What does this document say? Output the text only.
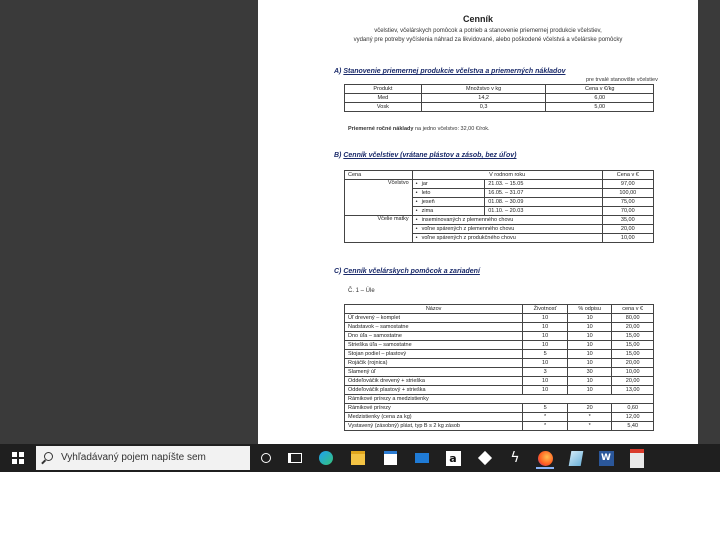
Cenník
včelstiev, včelárskych pomôcok a potrieb a stanovenie priemernej produkcie včelstiev,
vydaný pre potreby vyčíslenia náhrad za likvidované, alebo poškodené včelstvá a včelárske pomôcky
A) Stanovenie priemernej produkcie včelstva a priemerných nákladov
pre trvalé stanovište včelstiev
Produkt	Množstvo v kg	Cena v €/kg
Med	14,2	6,00
Vosk	0,3	5,00
Priemerné ročné náklady na jedno včelstvo: 32,00 €/rok.
B) Cenník včelstiev (vrátane plástov a zásob, bez úľov)
Cena	V rodnom roku		Cena v €
Včelstvo	• jar	21.03. – 15.05	97,00
	• leto	16.05. – 31.07	100,00
	• jeseň	01.08. – 30.09	75,00
	• zima	01.10. – 20.03	70,00
Včelie matky	• inseminovaných z plemenného chovu		35,00
	• voľne spárených z plemenného chovu		20,00
	• voľne spárených z produkčného chovu		10,00
C) Cenník včelárskych pomôcok a zariadení
Č. 1 – Úle
Názov	Životnosť	% odpisu	cena v €
Úľ drevený – komplet	10	10	80,00
Nadstavok – samostatne	10	10	20,00
Dno úľa – samostatne	10	10	15,00
Strieška úľa – samostatne	10	10	15,00
Stojan podiel – plastový	5	10	15,00
Rojáčik (rojnica)	10	10	20,00
Slamený úľ	3	30	10,00
Oddeľováčik drevený + strieška	10	10	20,00
Oddeľováčik plastový + strieška	10	10	13,00
Rámikové prírezy a medzistienky			
Rámikové prírezy	5	20	0,60
Medzistienky (cena za kg)	*	*	12,00
Vystavený (zásobný) plást, typ B s 2 kg zásob	*	*	5,40
Vyhľadávaný pojem napíšte sem	a	ϟ	W
